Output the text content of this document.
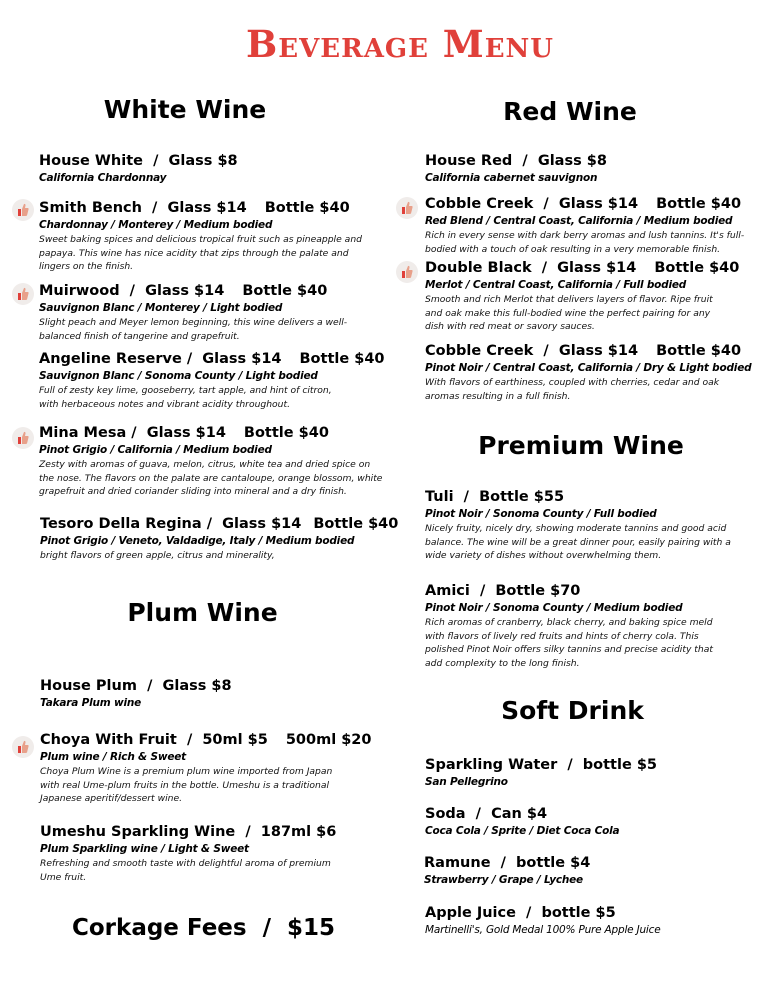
Beverage Menu
White Wine	Red Wine
Plum Wine
Premium Wine
Soft Drink
House White  /  Glass $8
California Chardonnay
Smith Bench  /  Glass $14 Bottle $40
Chardonnay / Monterey / Medium bodied
Sweet baking spices and delicious tropical fruit such as pineapple and papaya. This wine has nice acidity that zips through the palate and lingers on the finish.
Muirwood  /  Glass $14 Bottle $40
Sauvignon Blanc / Monterey / Light bodied
Slight peach and Meyer lemon beginning, this wine delivers a well-balanced finish of tangerine and grapefruit.
Angeline Reserve /  Glass $14 Bottle $40
Sauvignon Blanc / Sonoma County / Light bodied
Full of zesty key lime, gooseberry, tart apple, and hint of citron, with herbaceous notes and vibrant acidity throughout.
Mina Mesa /  Glass $14 Bottle $40
Pinot Grigio / California / Medium bodied
Zesty with aromas of guava, melon, citrus, white tea and dried spice on the nose. The flavors on the palate are cantaloupe, orange blossom, white grapefruit and dried coriander sliding into mineral and a dry finish.
Tesoro Della Regina /  Glass $14 Bottle $40
Pinot Grigio / Veneto, Valdadige, Italy / Medium bodied
bright flavors of green apple, citrus and minerality,
House Plum  /  Glass $8
Takara Plum wine
Choya With Fruit  /  50ml $5 500ml $20
Plum wine / Rich & Sweet
Choya Plum Wine is a premium plum wine imported from Japan with real Ume-plum fruits in the bottle. Umeshu is a traditional Japanese aperitif/dessert wine.
Umeshu Sparkling Wine  /  187ml $6
Plum Sparkling wine / Light & Sweet
Refreshing and smooth taste with delightful aroma of premium Ume fruit.
Corkage Fees  /  $15
House Red  /  Glass $8
California cabernet sauvignon
Cobble Creek  /  Glass $14 Bottle $40
Red Blend / Central Coast, California / Medium bodied
Rich in every sense with dark berry aromas and lush tannins. It's full-bodied with a touch of oak resulting in a very memorable finish.
Double Black  /  Glass $14 Bottle $40
Merlot / Central Coast, California / Full bodied
Smooth and rich Merlot that delivers layers of flavor. Ripe fruit and oak make this full-bodied wine the perfect pairing for any dish with red meat or savory sauces.
Cobble Creek  /  Glass $14 Bottle $40
Pinot Noir / Central Coast, California / Dry & Light bodied
With flavors of earthiness, coupled with cherries, cedar and oak aromas resulting in a full finish.
Tuli  /  Bottle $55
Pinot Noir / Sonoma County / Full bodied
Nicely fruity, nicely dry, showing moderate tannins and good acid balance. The wine will be a great dinner pour, easily pairing with a wide variety of dishes without overwhelming them.
Amici  /  Bottle $70
Pinot Noir / Sonoma County / Medium bodied
Rich aromas of cranberry, black cherry, and baking spice meld with flavors of lively red fruits and hints of cherry cola. This polished Pinot Noir offers silky tannins and precise acidity that add complexity to the long finish.
Sparkling Water  /  bottle $5
San Pellegrino
Soda  /  Can $4
Coca Cola / Sprite / Diet Coca Cola
Ramune  /  bottle $4
Strawberry / Grape / Lychee
Apple Juice  /  bottle $5
Martinelli's, Gold Medal 100% Pure Apple Juice
